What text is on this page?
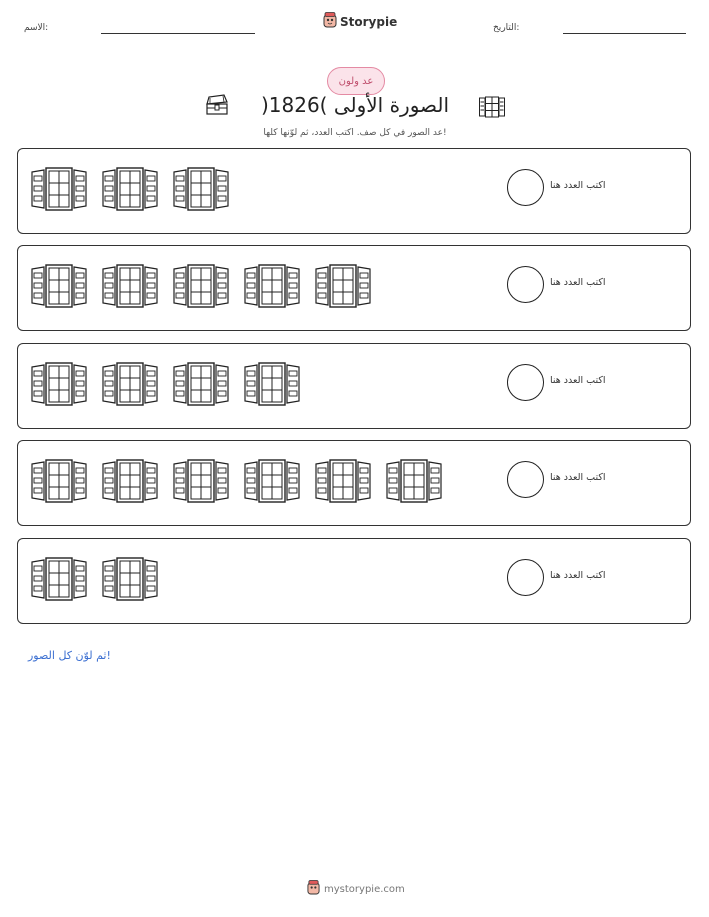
الاسم:	Storypie	التاريخ:
عد ولون
الصورة الأولى )1826(
عد الصور في كل صف. اكتب العدد، ثم لوّنها كلها!
اكتب العدد هنا
اكتب العدد هنا
اكتب العدد هنا
اكتب العدد هنا
اكتب العدد هنا
ثم لوّن كل الصور!
mystorypie.com
